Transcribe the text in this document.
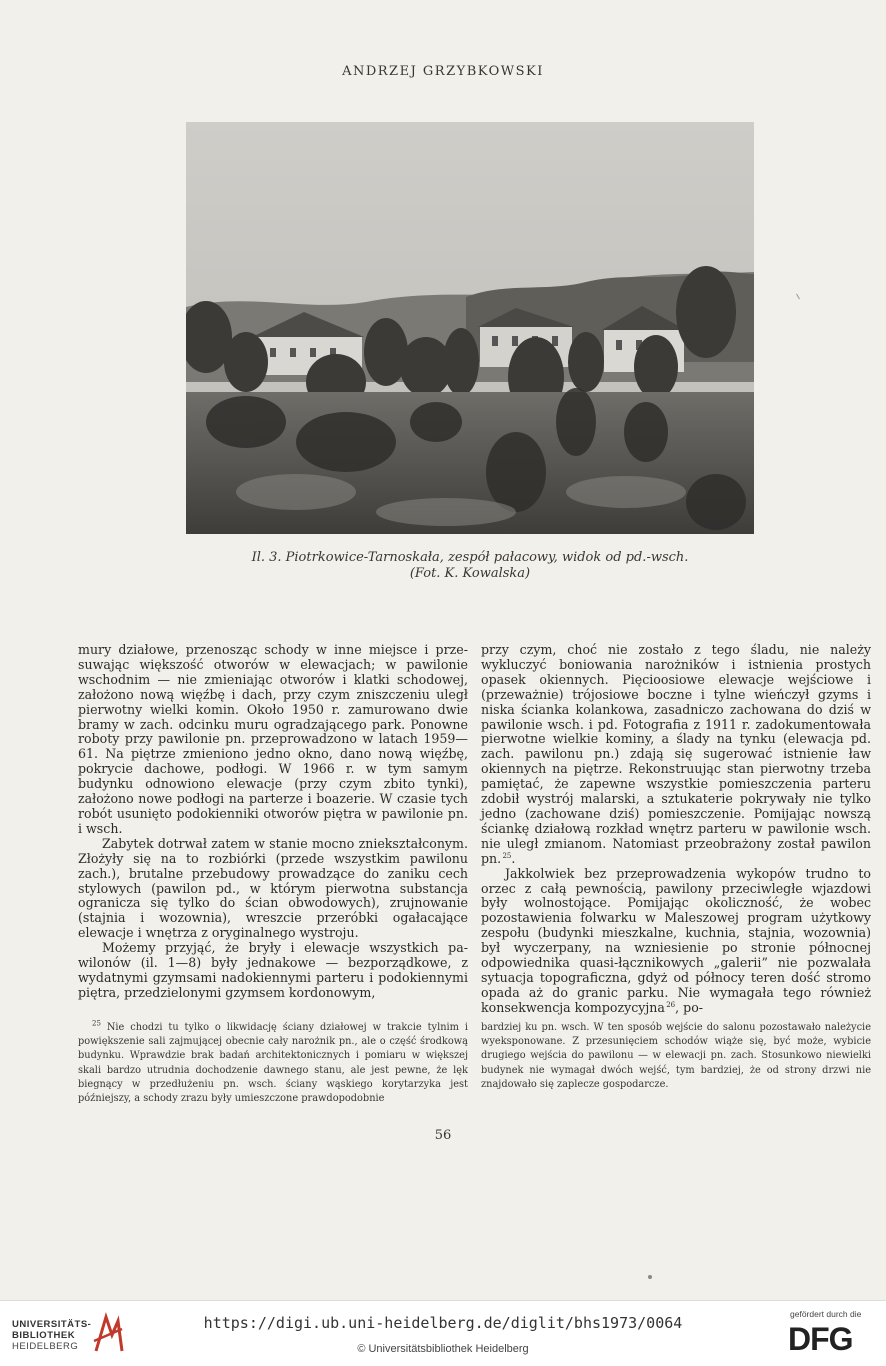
ANDRZEJ GRZYBKOWSKI
Il. 3. Piotrkowice-Tarnoskała, zespół pałacowy, widok od pd.-wsch.
(Fot. K. Kowalska)

mury działowe, przenosząc schody w inne miejsce i przesuwając większość otworów w elewacjach; w pawilonie wschodnim — nie zmieniając otworów i klatki schodowej, założono nową więźbę i dach, przy czym zniszczeniu uległ pierwotny wielki komin. Około 1950 r. zamurowano dwie bramy w zach. odcinku muru ogradzającego park. Ponowne roboty przy pawilonie pn. przeprowadzono w latach 1959—61. Na piętrze zmieniono jedno okno, dano nową więźbę, pokrycie dachowe, podłogi. W 1966 r. w tym samym budynku odnowiono elewacje (przy czym zbito tynki), założono nowe podłogi na parterze i boazerie. W czasie tych robót usunięto podokienniki otworów piętra w pawilonie pn. i wsch.

Zabytek dotrwał zatem w stanie mocno zniekształconym. Złożyły się na to rozbiórki (przede wszystkim pawilonu zach.), brutalne przebudowy prowadzące do zaniku cech stylowych (pawilon pd., w którym pierwotna substancja ogranicza się tylko do ścian obwodowych), zrujnowanie (stajnia i wozownia), wreszcie przeróbki ogałacające elewacje i wnętrza z oryginalnego wystroju.

Możemy przyjąć, że bryły i elewacje wszystkich pawilonów (il. 1—8) były jednakowe — bezporządkowe, z wydatnymi gzymsami nadokiennymi parteru i podokiennymi piętra, przedzielonymi gzymsem kordonowym,

przy czym, choć nie zostało z tego śladu, nie należy wykluczyć boniowania narożników i istnienia prostych opasek okiennych. Pięcioosiowe elewacje wejściowe i (przeważnie) trójosiowe boczne i tylne wieńczył gzyms i niska ścianka kolankowa, zasadniczo zachowana do dziś w pawilonie wsch. i pd. Fotografia z 1911 r. zadokumentowała pierwotne wielkie kominy, a ślady na tynku (elewacja pd. zach. pawilonu pn.) zdają się sugerować istnienie ław okiennych na piętrze. Rekonstruując stan pierwotny trzeba pamiętać, że zapewne wszystkie pomieszczenia parteru zdobił wystrój malarski, a sztukaterie pokrywały nie tylko jedno (zachowane dziś) pomieszczenie. Pomijając nowszą ściankę działową rozkład wnętrz parteru w pawilonie wsch. nie uległ zmianom. Natomiast przeobrażony został pawilon pn. $^{25}$.

Jakkolwiek bez przeprowadzenia wykopów trudno to orzec z całą pewnością, pawilony przeciwległe wjazdowi były wolnostojące. Pomijając okoliczność, że wobec pozostawienia folwarku w Maleszowej program użytkowy zespołu (budynki mieszkalne, kuchnia, stajnia, wozownia) był wyczerpany, na wzniesienie po stronie północnej odpowiednika quasi-łącznikowych „galerii” nie pozwalała sytuacja topograficzna, gdyż od północy teren dość stromo opada aż do granic parku. Nie wymagała tego również konsekwencja kompozycyjna $^{26}$, po-

$^{25}$ Nie chodzi tu tylko o likwidację ściany działowej w trakcie tylnim i powiększenie sali zajmującej obecnie cały narożnik pn., ale o część środkową budynku. Wprawdzie brak badań architektonicznych i pomiaru w większej skali bardzo utrudnia dochodzenie dawnego stanu, ale jest pewne, że lęk biegnący w przedłużeniu pn. wsch. ściany wąskiego korytarzyka jest późniejszy, a schody zrazu były umieszczone prawdopodobnie

bardziej ku pn. wsch. W ten sposób wejście do salonu pozostawało należycie wyeksponowane. Z przesunięciem schodów wiąże się, być może, wybicie drugiego wejścia do pawilonu — w elewacji pn. zach. Stosunkowo niewielki budynek nie wymagał dwóch wejść, tym bardziej, że od strony drzwi nie znajdowało się zaplecze gospodarcze.

56
UNIVERSITÄTS-
BIBLIOTHEK
HEIDELBERG
https://digi.ub.uni-heidelberg.de/diglit/bhs1973/0064
© Universitätsbibliothek Heidelberg
gefördert durch die
DFG
